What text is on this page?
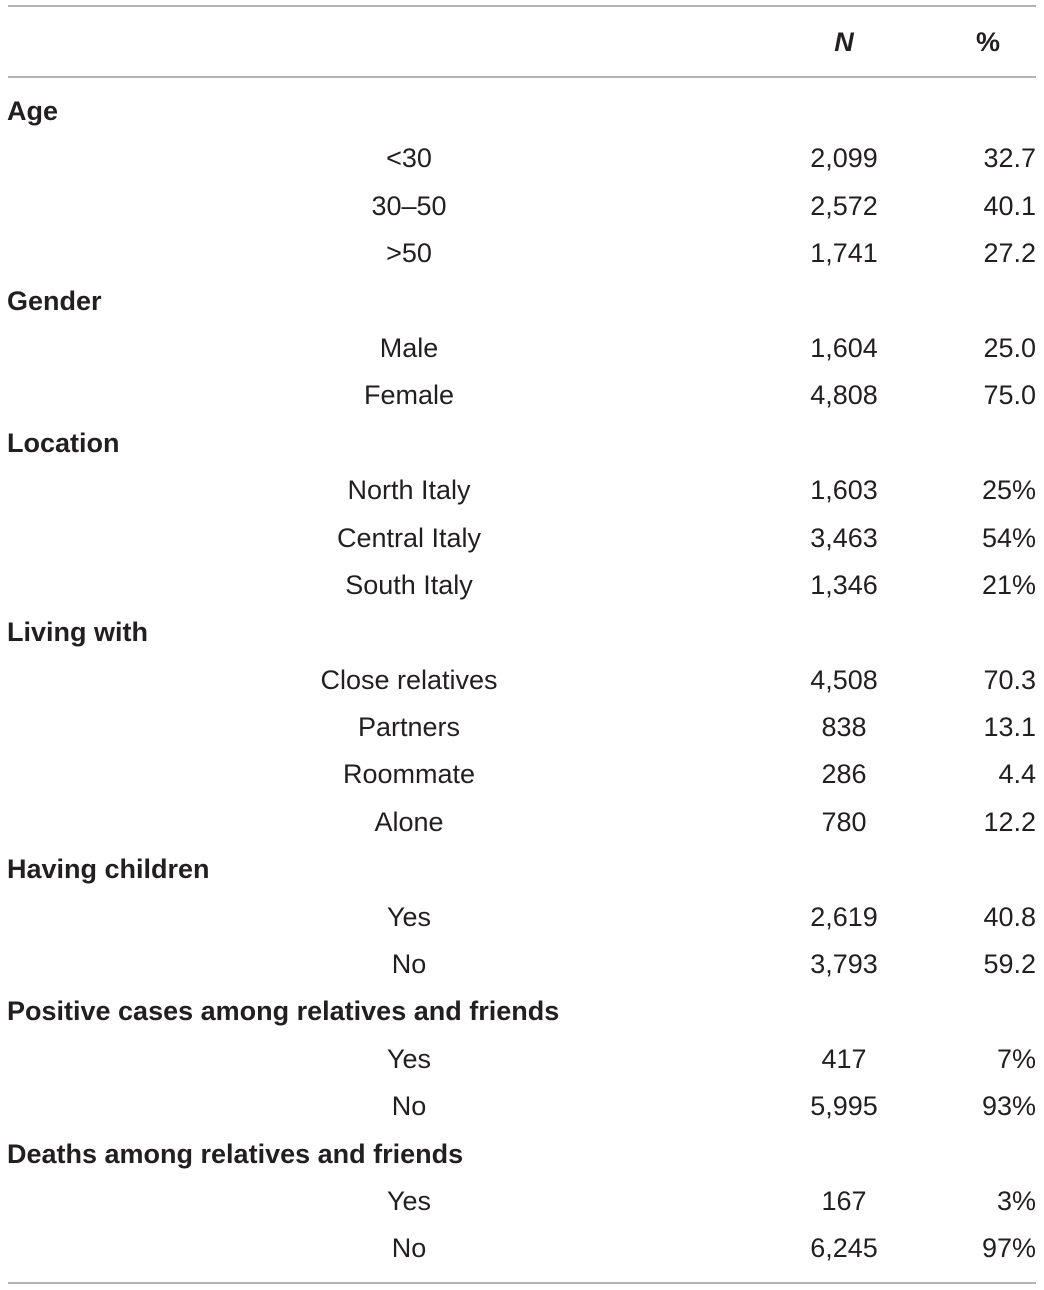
N	%
Age
<30	2,099	32.7
30–50	2,572	40.1
>50	1,741	27.2
Gender
Male	1,604	25.0
Female	4,808	75.0
Location
North Italy	1,603	25%
Central Italy	3,463	54%
South Italy	1,346	21%
Living with
Close relatives	4,508	70.3
Partners	838	13.1
Roommate	286	4.4
Alone	780	12.2
Having children
Yes	2,619	40.8
No	3,793	59.2
Positive cases among relatives and friends
Yes	417	7%
No	5,995	93%
Deaths among relatives and friends
Yes	167	3%
No	6,245	97%
